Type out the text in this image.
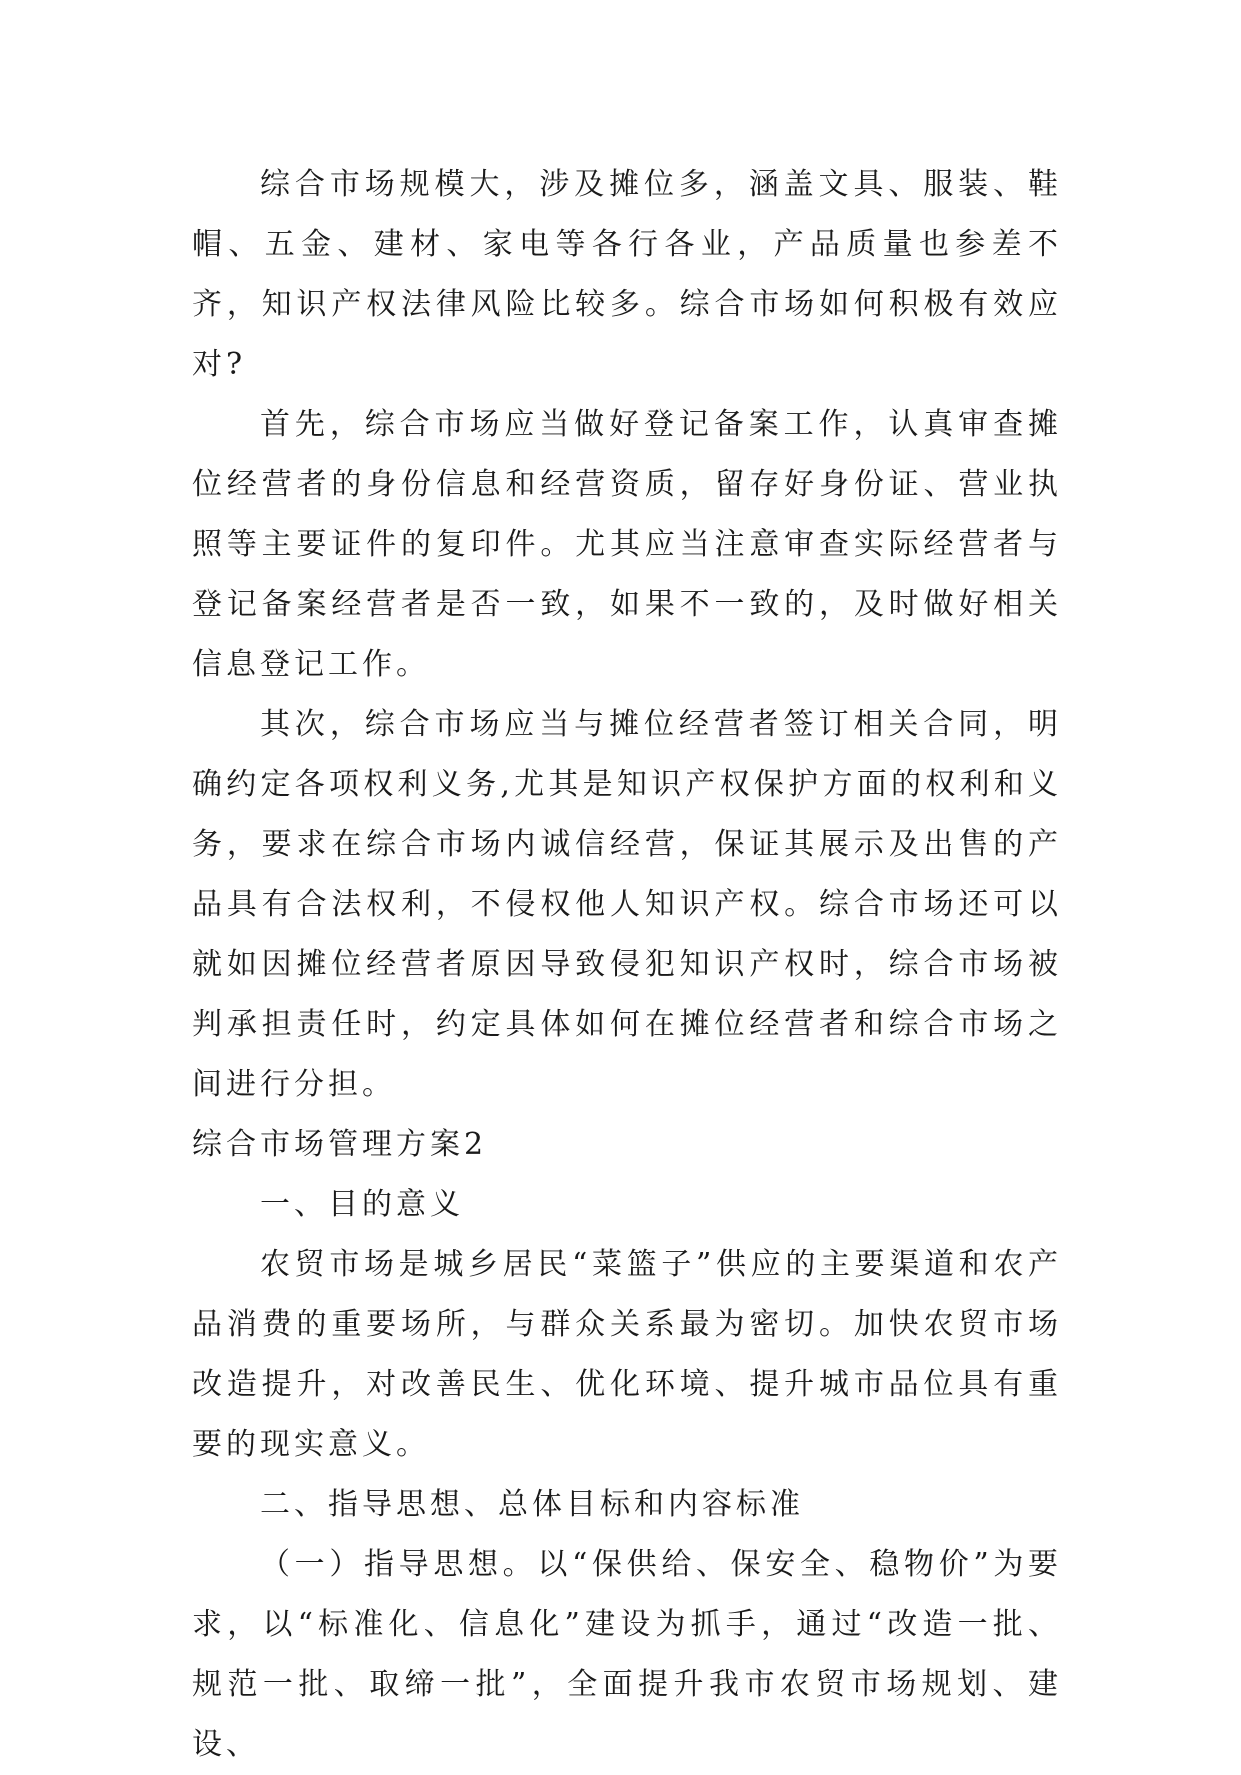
综合市场规模大，涉及摊位多，涵盖文具、服装、鞋帽、五金、建材、家电等各行各业，产品质量也参差不齐，知识产权法律风险比较多。综合市场如何积极有效应对?

首先，综合市场应当做好登记备案工作，认真审查摊位经营者的身份信息和经营资质，留存好身份证、营业执照等主要证件的复印件。尤其应当注意审查实际经营者与登记备案经营者是否一致，如果不一致的，及时做好相关信息登记工作。

其次，综合市场应当与摊位经营者签订相关合同，明确约定各项权利义务,尤其是知识产权保护方面的权利和义务，要求在综合市场内诚信经营，保证其展示及出售的产品具有合法权利，不侵权他人知识产权。综合市场还可以就如因摊位经营者原因导致侵犯知识产权时，综合市场被判承担责任时，约定具体如何在摊位经营者和综合市场之间进行分担。

综合市场管理方案2

一、目的意义

农贸市场是城乡居民“菜篮子”供应的主要渠道和农产品消费的重要场所，与群众关系最为密切。加快农贸市场改造提升，对改善民生、优化环境、提升城市品位具有重要的现实意义。

二、指导思想、总体目标和内容标准

（一）指导思想。以“保供给、保安全、稳物价”为要求，以“标准化、信息化”建设为抓手，通过“改造一批、规范一批、取缔一批”，全面提升我市农贸市场规划、建设、
